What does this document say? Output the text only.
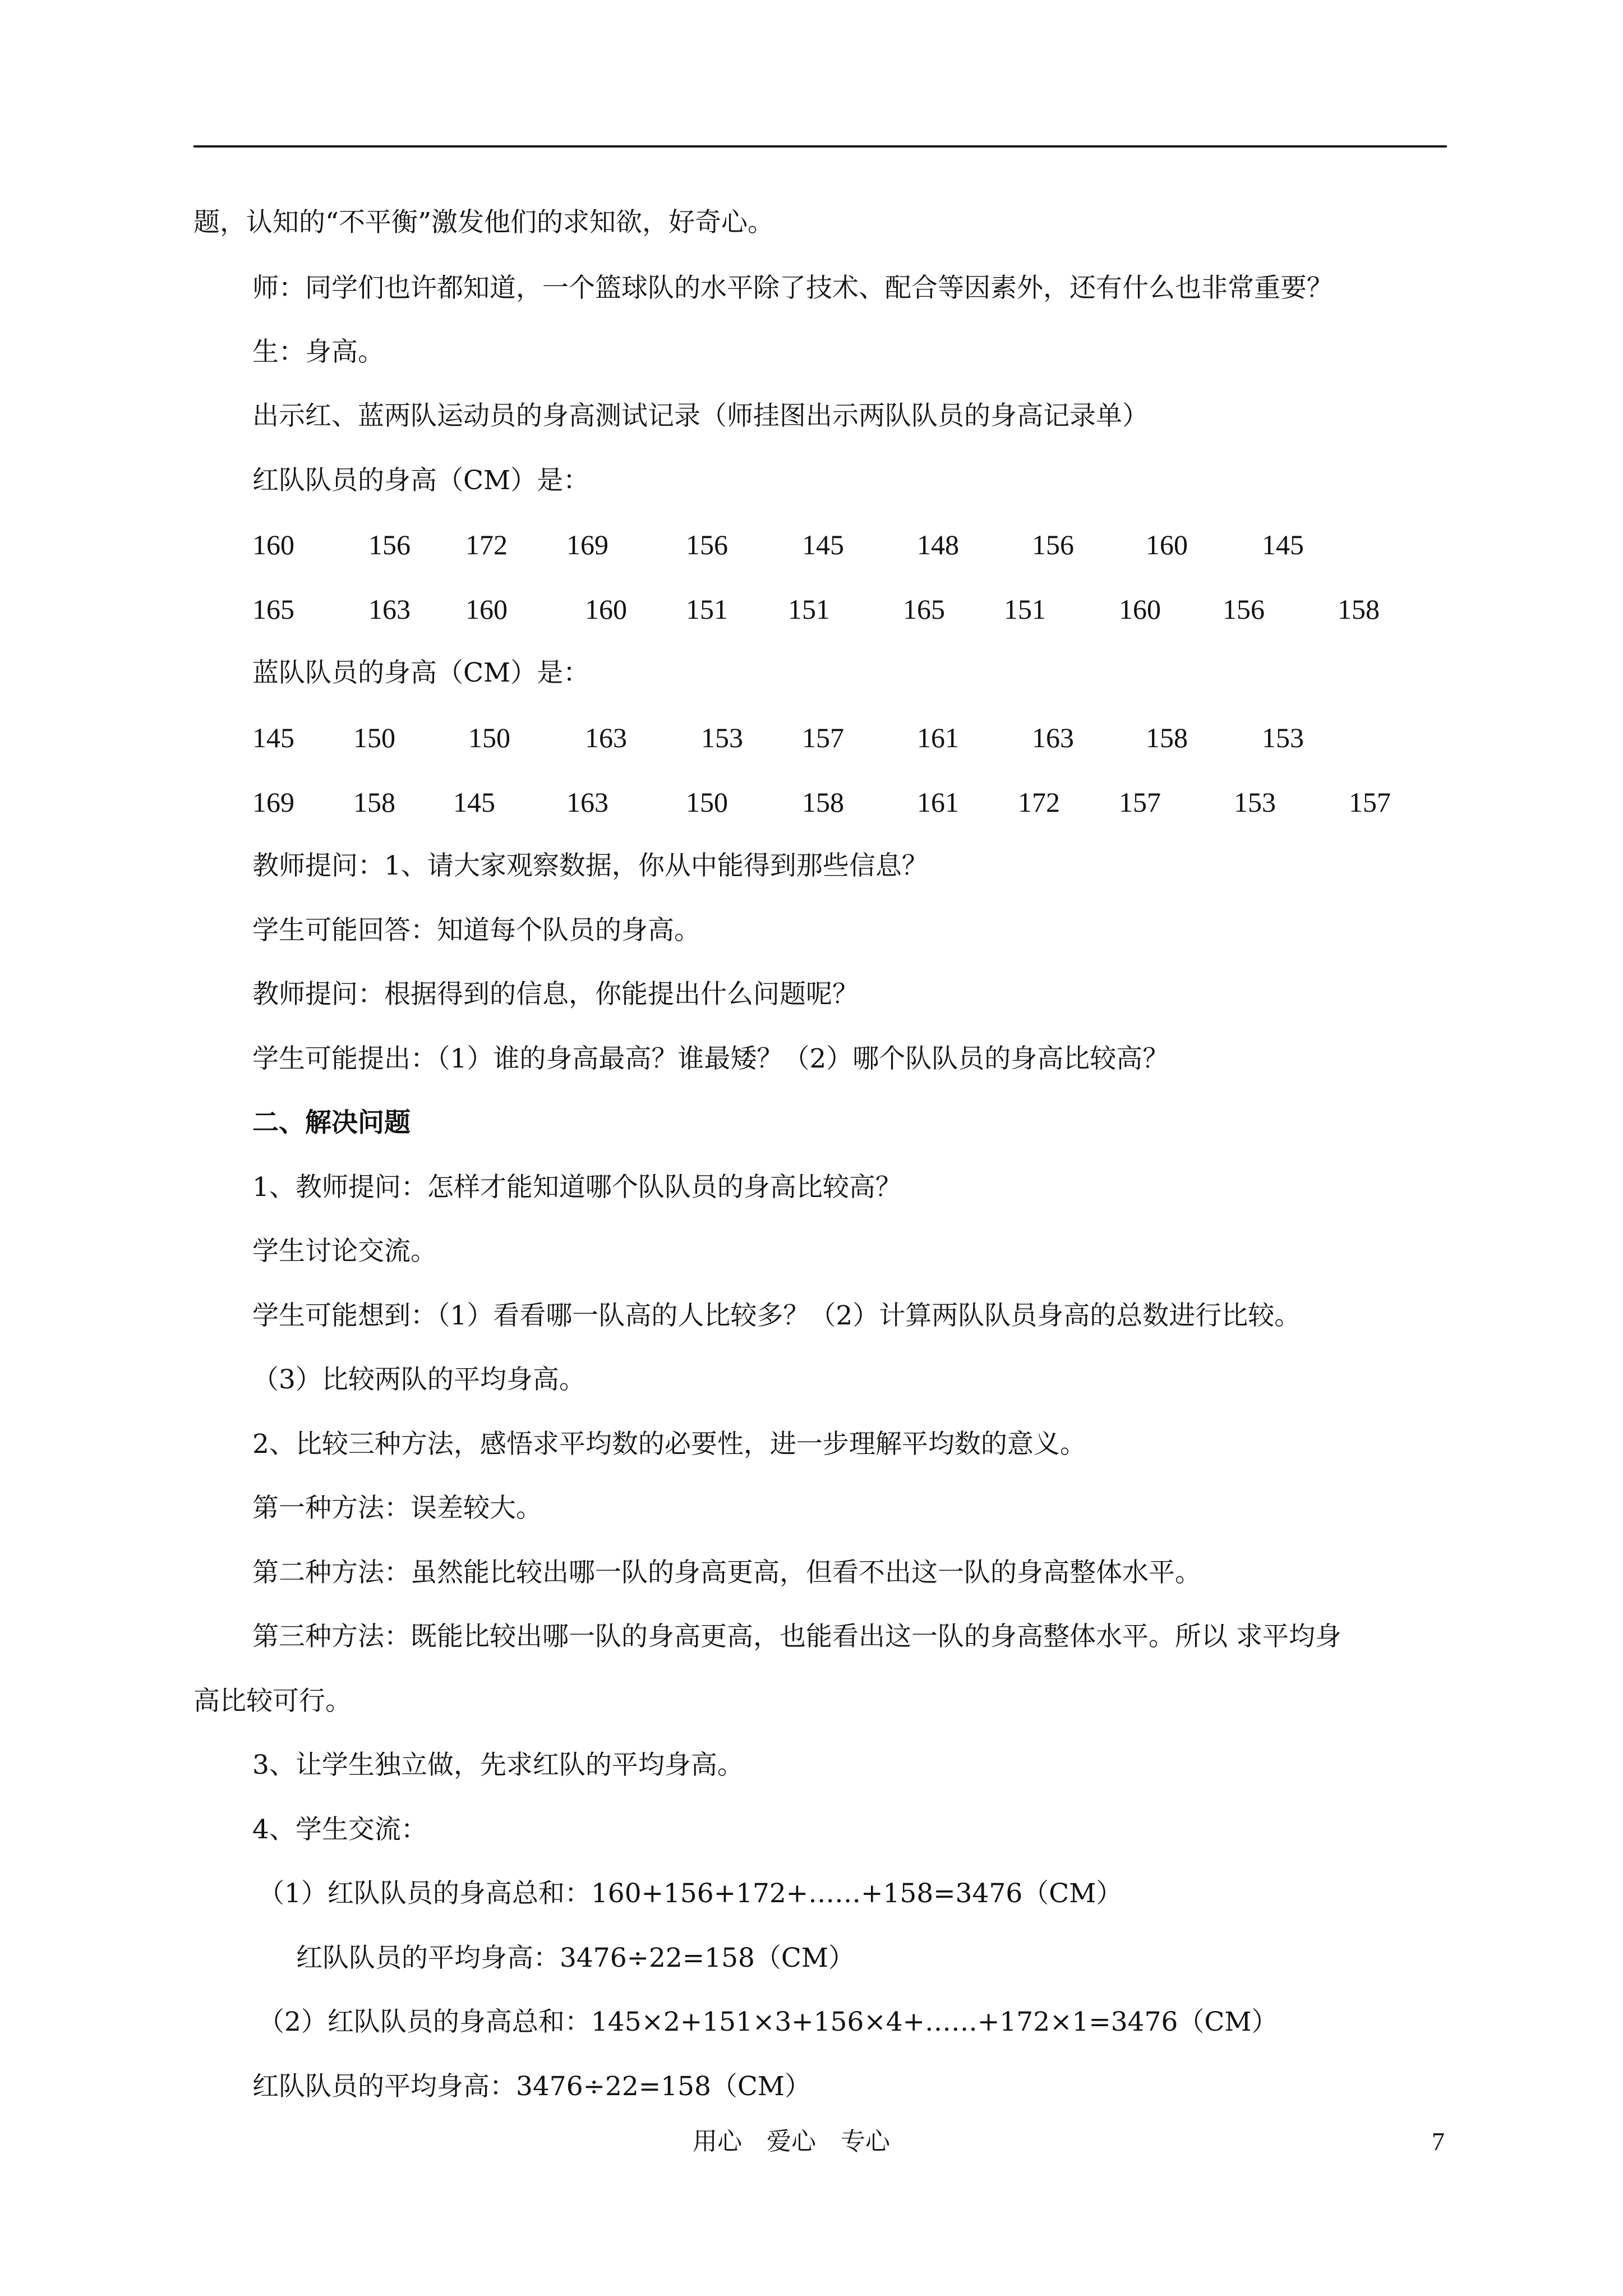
题，认知的“不平衡”激发他们的求知欲，好奇心。
师：同学们也许都知道，一个篮球队的水平除了技术、配合等因素外，还有什么也非常重要？
生：身高。
出示红、蓝两队运动员的身高测试记录（师挂图出示两队队员的身高记录单）
红队队员的身高（CM）是：
160	156 172 169	156	145	148	156	160	145
165	163 160	160 151 151	165 151	160 156	158
蓝队队员的身高（CM）是：
145 150	150	163	153 157	161	163	158	153
169 158 145	163	150	158	161 172 157	153	157
教师提问：1、请大家观察数据，你从中能得到那些信息？
学生可能回答：知道每个队员的身高。
教师提问：根据得到的信息，你能提出什么问题呢？
学生可能提出：（1）谁的身高最高？谁最矮？（2）哪个队队员的身高比较高？
二、解决问题
1、教师提问：怎样才能知道哪个队队员的身高比较高？
学生讨论交流。
学生可能想到：（1）看看哪一队高的人比较多？（2）计算两队队员身高的总数进行比较。
（3）比较两队的平均身高。
2、比较三种方法，感悟求平均数的必要性，进一步理解平均数的意义。
第一种方法：误差较大。
第二种方法：虽然能比较出哪一队的身高更高，但看不出这一队的身高整体水平。
第三种方法：既能比较出哪一队的身高更高，也能看出这一队的身高整体水平。所以 求平均身
高比较可行。
3、让学生独立做，先求红队的平均身高。
4、学生交流：
（1）红队队员的身高总和：160+156+172+……+158=3476（CM）
红队队员的平均身高：3476÷22=158（CM）
（2）红队队员的身高总和：145×2+151×3+156×4+……+172×1=3476（CM）
红队队员的平均身高：3476÷22=158（CM）
用心　爱心　专心	7
